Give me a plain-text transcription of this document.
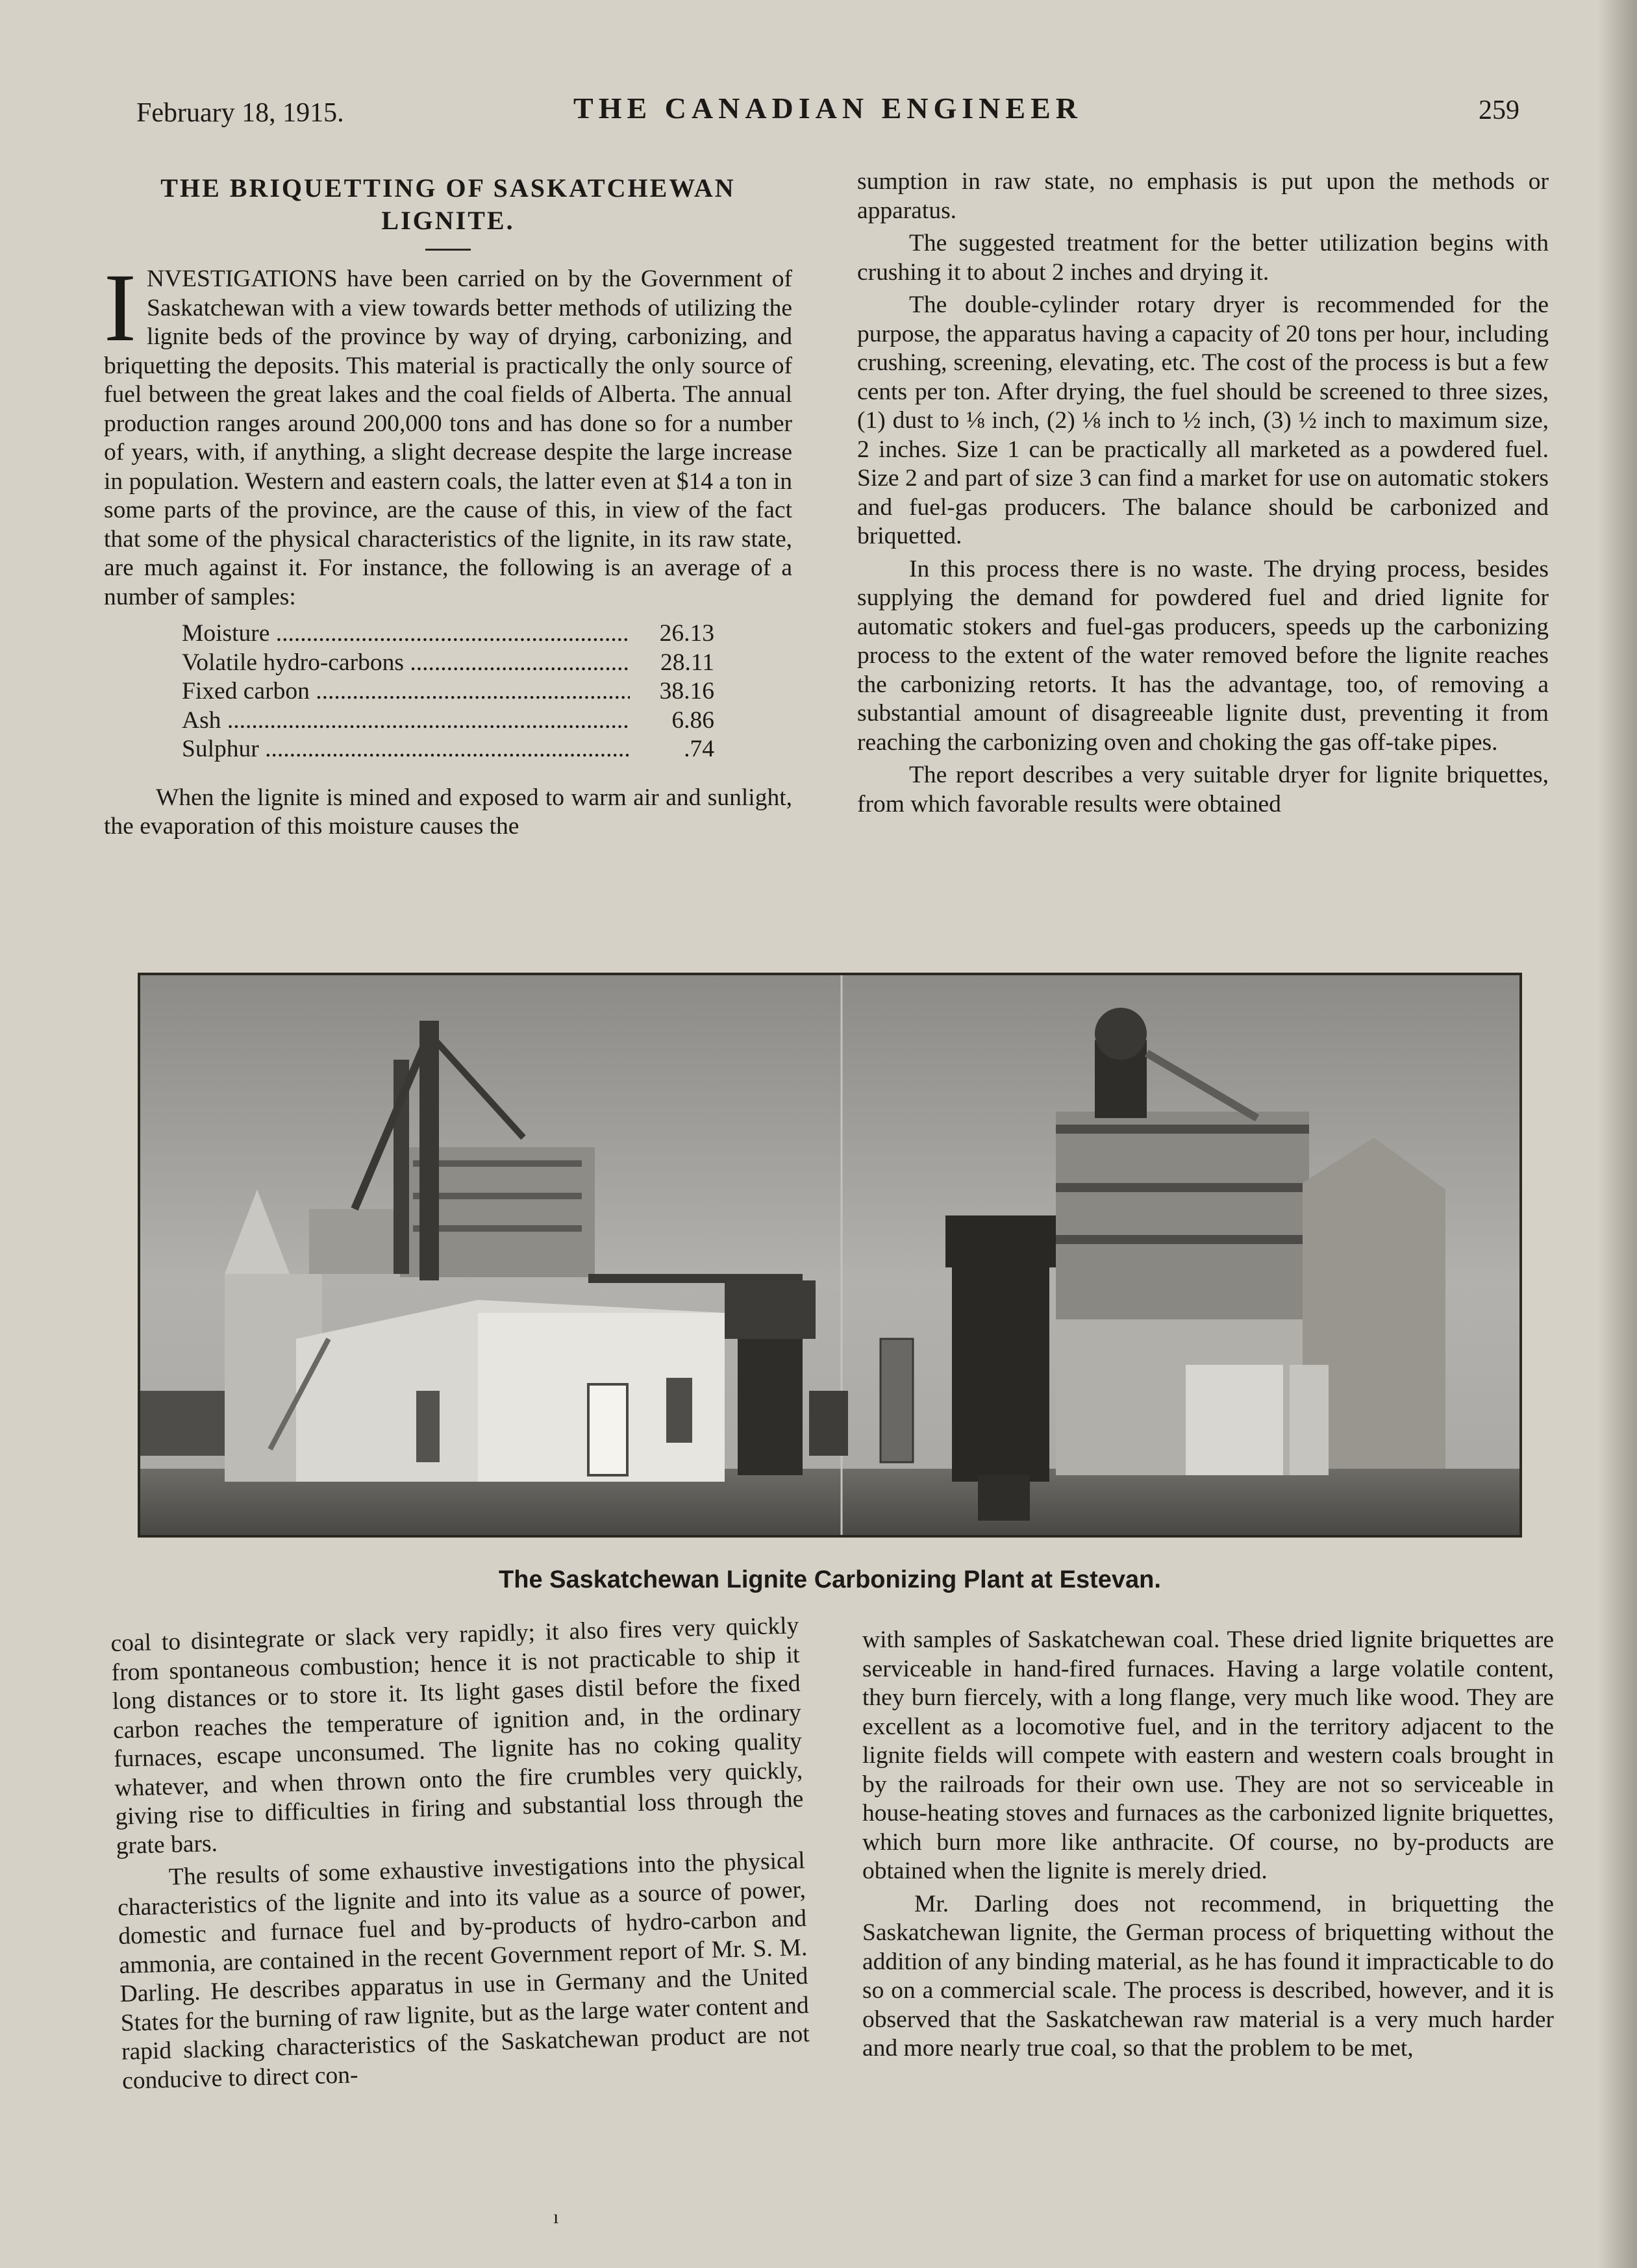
February 18, 1915.	THE CANADIAN ENGINEER	259
THE BRIQUETTING OF SASKATCHEWAN
LIGNITE.

INVESTIGATIONS have been carried on by the Government of Saskatchewan with a view towards better methods of utilizing the lignite beds of the province by way of drying, carbonizing, and briquetting the deposits. This material is practically the only source of fuel between the great lakes and the coal fields of Alberta. The annual production ranges around 200,000 tons and has done so for a number of years, with, if anything, a slight decrease despite the large increase in population. Western and eastern coals, the latter even at $14 a ton in some parts of the province, are the cause of this, in view of the fact that some of the physical characteristics of the lignite, in its raw state, are much against it. For instance, the following is an average of a number of samples:

Moisture .....	26.13
Volatile hydro-carbons .....	28.11
Fixed carbon .....	38.16
Ash .....	6.86
Sulphur .....	.74

When the lignite is mined and exposed to warm air and sunlight, the evaporation of this moisture causes the

sumption in raw state, no emphasis is put upon the methods or apparatus.

The suggested treatment for the better utilization begins with crushing it to about 2 inches and drying it.

The double-cylinder rotary dryer is recommended for the purpose, the apparatus having a capacity of 20 tons per hour, including crushing, screening, elevating, etc. The cost of the process is but a few cents per ton. After drying, the fuel should be screened to three sizes, (1) dust to ⅛ inch, (2) ⅛ inch to ½ inch, (3) ½ inch to maximum size, 2 inches. Size 1 can be practically all marketed as a powdered fuel. Size 2 and part of size 3 can find a market for use on automatic stokers and fuel-gas producers. The balance should be carbonized and briquetted.

In this process there is no waste. The drying process, besides supplying the demand for powdered fuel and dried lignite for automatic stokers and fuel-gas producers, speeds up the carbonizing process to the extent of the water removed before the lignite reaches the carbonizing retorts. It has the advantage, too, of removing a substantial amount of disagreeable lignite dust, preventing it from reaching the carbonizing oven and choking the gas off-take pipes.

The report describes a very suitable dryer for lignite briquettes, from which favorable results were obtained

The Saskatchewan Lignite Carbonizing Plant at Estevan.

coal to disintegrate or slack very rapidly; it also fires very quickly from spontaneous combustion; hence it is not practicable to ship it long distances or to store it. Its light gases distil before the fixed carbon reaches the temperature of ignition and, in the ordinary furnaces, escape unconsumed. The lignite has no coking quality whatever, and when thrown onto the fire crumbles very quickly, giving rise to difficulties in firing and substantial loss through the grate bars.

The results of some exhaustive investigations into the physical characteristics of the lignite and into its value as a source of power, domestic and furnace fuel and by-products of hydro-carbon and ammonia, are contained in the recent Government report of Mr. S. M. Darling. He describes apparatus in use in Germany and the United States for the burning of raw lignite, but as the large water content and rapid slacking characteristics of the Saskatchewan product are not conducive to direct con-

with samples of Saskatchewan coal. These dried lignite briquettes are serviceable in hand-fired furnaces. Having a large volatile content, they burn fiercely, with a long flange, very much like wood. They are excellent as a locomotive fuel, and in the territory adjacent to the lignite fields will compete with eastern and western coals brought in by the railroads for their own use. They are not so serviceable in house-heating stoves and furnaces as the carbonized lignite briquettes, which burn more like anthracite. Of course, no by-products are obtained when the lignite is merely dried.

Mr. Darling does not recommend, in briquetting the Saskatchewan lignite, the German process of briquetting without the addition of any binding material, as he has found it impracticable to do so on a commercial scale. The process is described, however, and it is observed that the Saskatchewan raw material is a very much harder and more nearly true coal, so that the problem to be met,

ı
